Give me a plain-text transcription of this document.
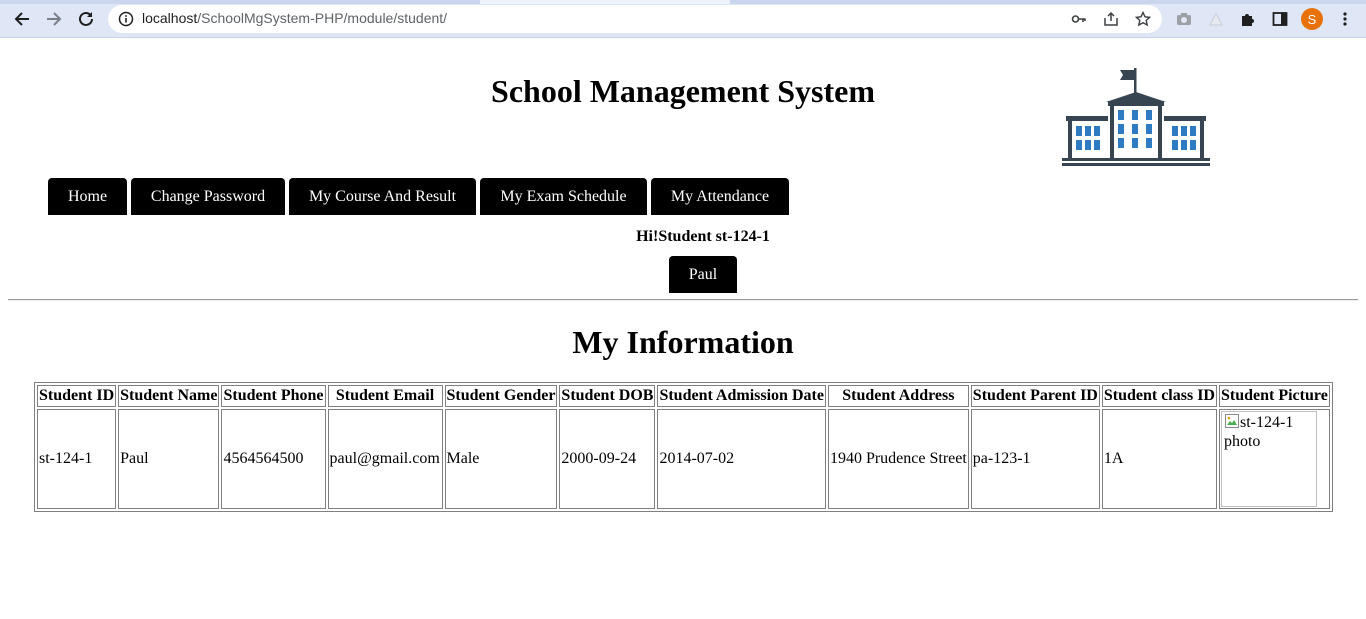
localhost/SchoolMgSystem-PHP/module/student/	S
School Management System
Home	Change Password	My Course And Result	My Exam Schedule	My Attendance
Hi!Student st-124-1
Paul
My Information
Student ID	Student Name	Student Phone	Student Email	Student Gender	Student DOB	Student Admission Date	Student Address	Student Parent ID	Student class ID	Student Picture
st-124-1	Paul	4564564500	paul@gmail.com	Male	2000-09-24	2014-07-02	1940 Prudence Street	pa-123-1	1A	st-124-1 photo
